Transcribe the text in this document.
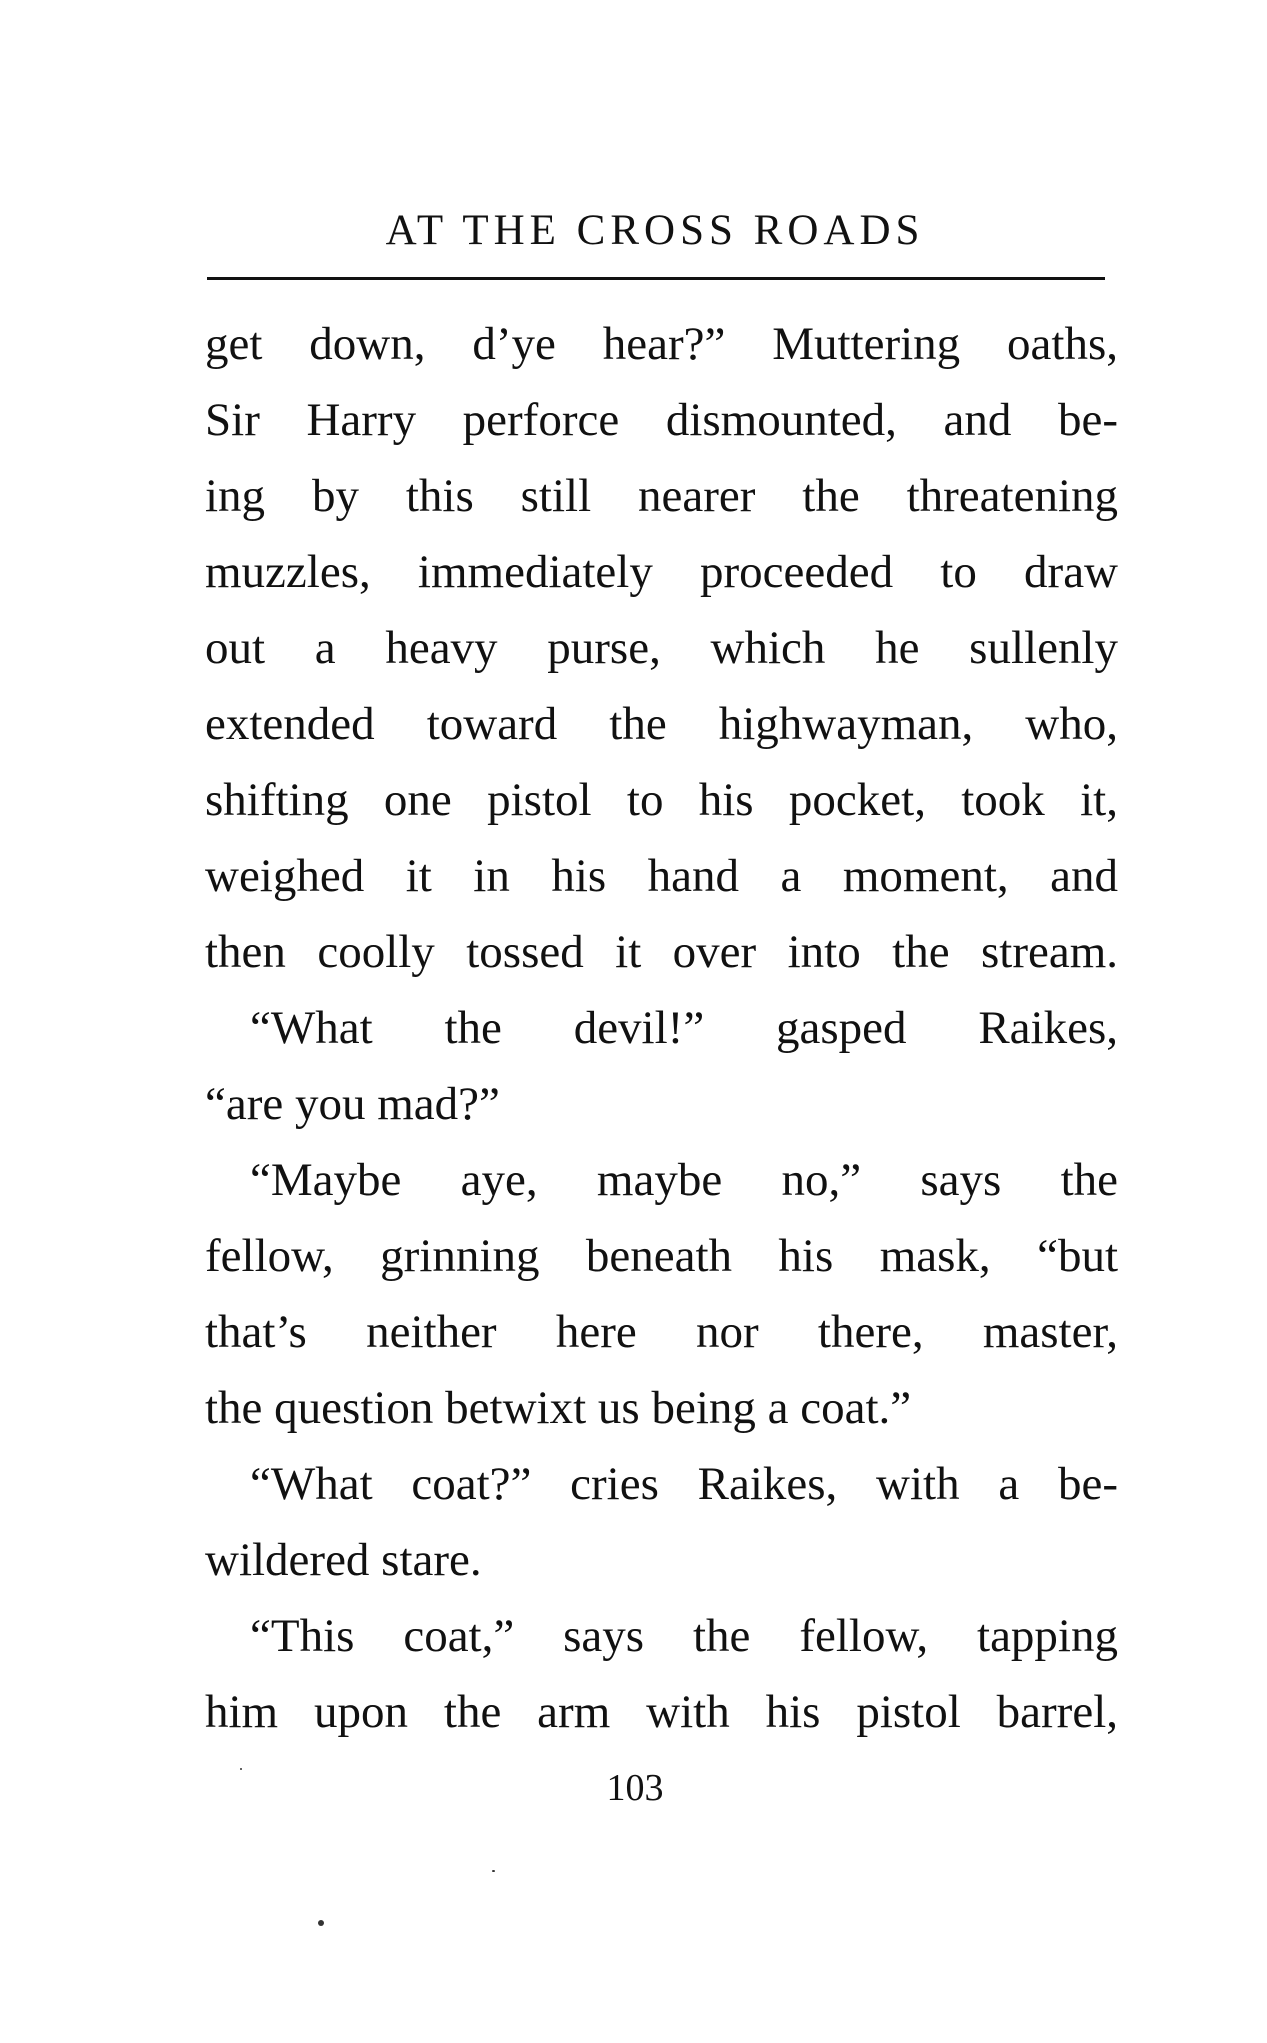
AT THE CROSS ROADS
get down, d’ye hear?” Muttering oaths,
Sir Harry perforce dismounted, and be-
ing by this still nearer the threatening
muzzles, immediately proceeded to draw
out a heavy purse, which he sullenly
extended toward the highwayman, who,
shifting one pistol to his pocket, took it,
weighed it in his hand a moment, and
then coolly tossed it over into the stream.
“What the devil!” gasped Raikes,
“are you mad?”
“Maybe aye, maybe no,” says the
fellow, grinning beneath his mask, “but
that’s neither here nor there, master,
the question betwixt us being a coat.”
“What coat?” cries Raikes, with a be-
wildered stare.
“This coat,” says the fellow, tapping
him upon the arm with his pistol barrel,
103
